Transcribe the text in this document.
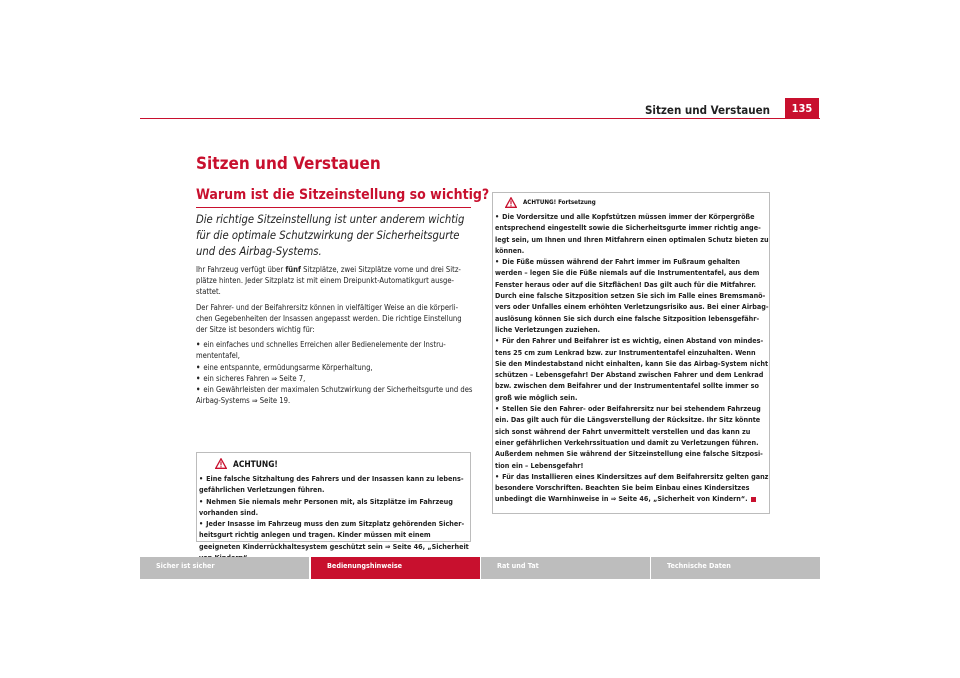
Sitzen und Verstauen	135
Sitzen und Verstauen
Warum ist die Sitzeinstellung so wichtig?
Die richtige Sitzeinstellung ist unter anderem wichtig für die optimale Schutzwirkung der Sicherheitsgurte und des Airbag-Systems.

Ihr Fahrzeug verfügt über fünf Sitzplätze, zwei Sitzplätze vorne und drei Sitz-plätze hinten. Jeder Sitzplatz ist mit einem Dreipunkt-Automatikgurt ausge-stattet.

Der Fahrer- und der Beifahrersitz können in vielfältiger Weise an die körperli-chen Gegebenheiten der Insassen angepasst werden. Die richtige Einstellung der Sitze ist besonders wichtig für:

• ein einfaches und schnelles Erreichen aller Bedienelemente der Instru-mententafel,
• eine entspannte, ermüdungsarme Körperhaltung,
• ein sicheres Fahren ⇒ Seite 7,
• ein Gewährleisten der maximalen Schutzwirkung der Sicherheitsgurte und des Airbag-Systems ⇒ Seite 19.
ACHTUNG!
• Eine falsche Sitzhaltung des Fahrers und der Insassen kann zu lebens-gefährlichen Verletzungen führen.
• Nehmen Sie niemals mehr Personen mit, als Sitzplätze im Fahrzeug vorhanden sind.
• Jeder Insasse im Fahrzeug muss den zum Sitzplatz gehörenden Sicher-heitsgurt richtig anlegen und tragen. Kinder müssen mit einem geeigneten Kinderrückhaltesystem geschützt sein ⇒ Seite 46, „Sicherheit
ACHTUNG! Fortsetzung
• Die Vordersitze und alle Kopfstützen müssen immer der Körpergröße entsprechend eingestellt sowie die Sicherheitsgurte immer richtig ange-legt sein, um Ihnen und Ihren Mitfahrern einen optimalen Schutz bieten zu können.
• Die Füße müssen während der Fahrt immer im Fußraum gehalten werden – legen Sie die Füße niemals auf die Instrumententafel, aus dem Fenster heraus oder auf die Sitzflächen! Das gilt auch für die Mitfahrer. Durch eine falsche Sitzposition setzen Sie sich im Falle eines Bremsmanö-vers oder Unfalles einem erhöhten Verletzungsrisiko aus. Bei einer Airbag-auslösung können Sie sich durch eine falsche Sitzposition lebensgefähr-liche Verletzungen zuziehen.
• Für den Fahrer und Beifahrer ist es wichtig, einen Abstand von mindes-tens 25 cm zum Lenkrad bzw. zur Instrumententafel einzuhalten. Wenn Sie den Mindestabstand nicht einhalten, kann Sie das Airbag-System nicht schützen – Lebensgefahr! Der Abstand zwischen Fahrer und dem Lenkrad bzw. zwischen dem Beifahrer und der Instrumententafel sollte immer so groß wie möglich sein.
• Stellen Sie den Fahrer- oder Beifahrersitz nur bei stehendem Fahrzeug ein. Das gilt auch für die Längsverstellung der Rücksitze. Ihr Sitz könnte sich sonst während der Fahrt unvermittelt verstellen und das kann zu einer gefährlichen Verkehrssituation und damit zu Verletzungen führen. Außerdem nehmen Sie während der Sitzeinstellung eine falsche Sitzposi-tion ein – Lebensgefahr!
• Für das Installieren eines Kindersitzes auf dem Beifahrersitz gelten ganz besondere Vorschriften. Beachten Sie beim Einbau eines Kindersitzes unbedingt die Warnhinweise in ⇒ Seite 46, „Sicherheit von Kindern“.
Sicher ist sicher	Bedienungshinweise	Rat und Tat	Technische Daten
